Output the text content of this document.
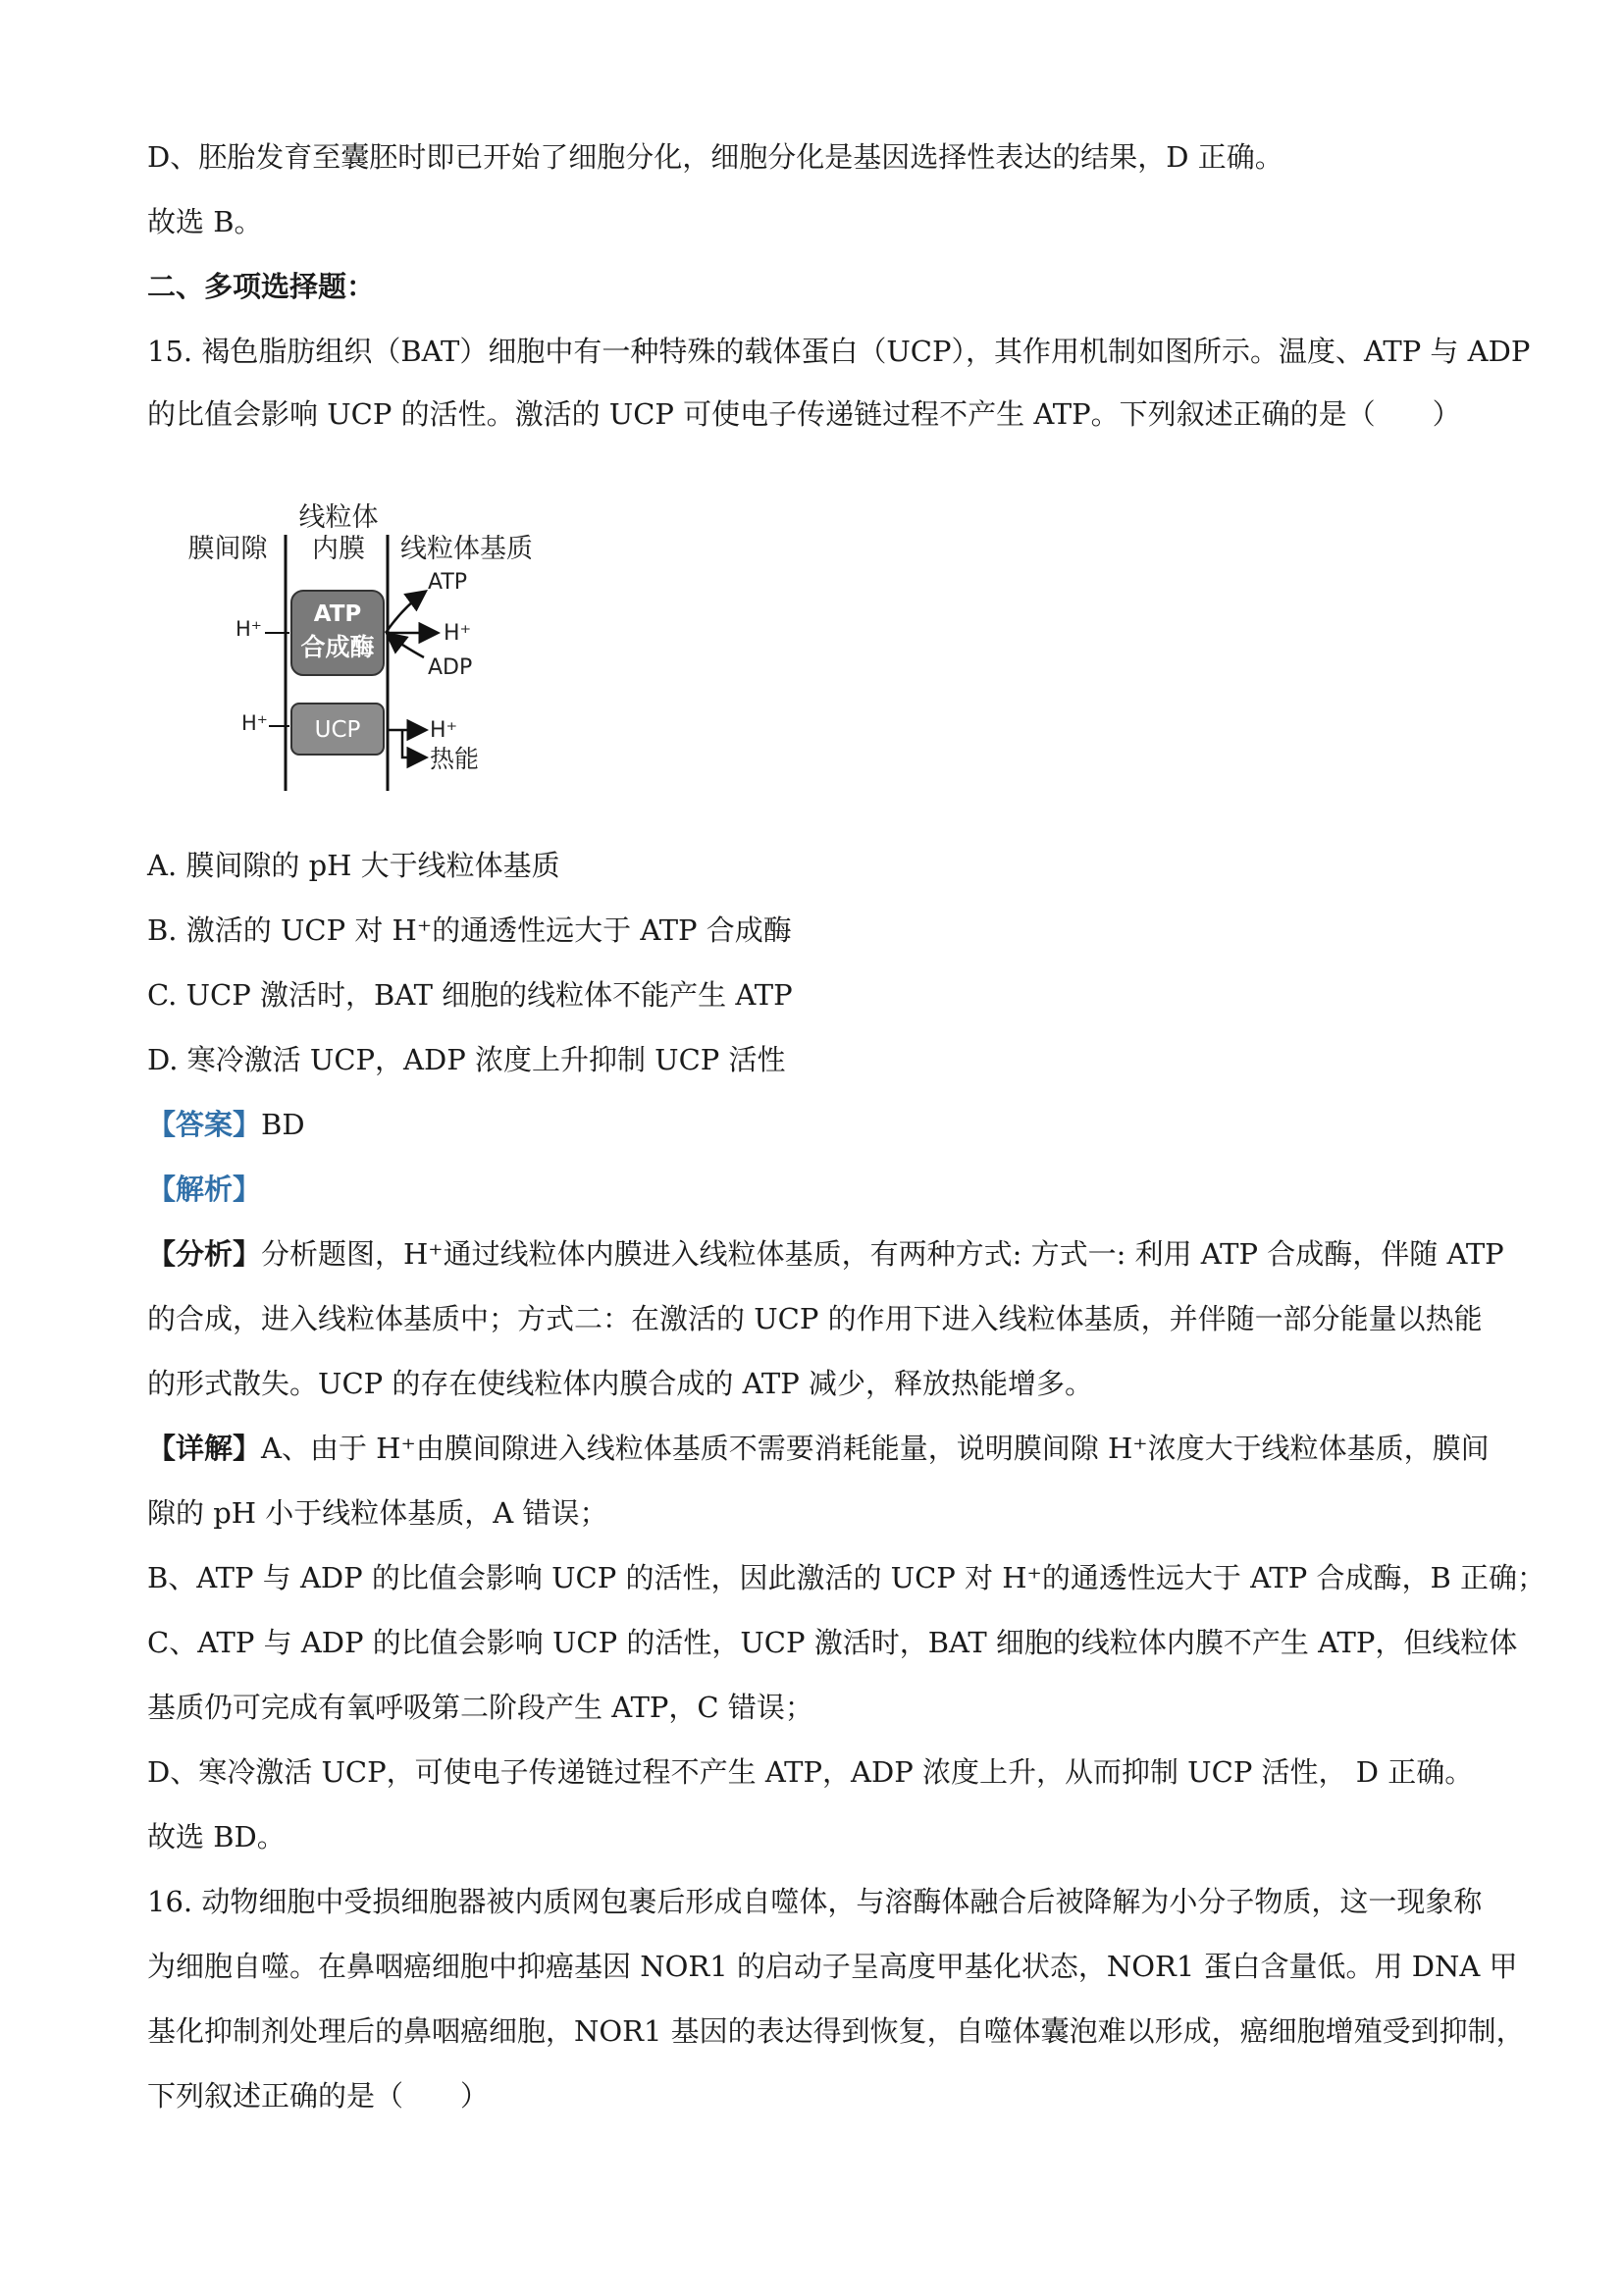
D、胚胎发育至囊胚时即已开始了细胞分化，细胞分化是基因选择性表达的结果，D 正确。
故选 B。
二、多项选择题：
15. 褐色脂肪组织（BAT）细胞中有一种特殊的载体蛋白（UCP），其作用机制如图所示。温度、ATP 与 ADP
的比值会影响 UCP 的活性。激活的 UCP 可使电子传递链过程不产生 ATP。下列叙述正确的是（　　）
线粒体
内膜
膜间隙	线粒体基质
ATP
合成酶
H⁺
ATP
H⁺
ADP
UCP
H⁺	H⁺
热能
A. 膜间隙的 pH 大于线粒体基质
B. 激活的 UCP 对 H⁺的通透性远大于 ATP 合成酶
C. UCP 激活时，BAT 细胞的线粒体不能产生 ATP
D. 寒冷激活 UCP，ADP 浓度上升抑制 UCP 活性
【答案】BD
【解析】
【分析】分析题图，H⁺通过线粒体内膜进入线粒体基质，有两种方式: 方式一: 利用 ATP 合成酶，伴随 ATP
的合成，进入线粒体基质中；方式二：在激活的 UCP 的作用下进入线粒体基质，并伴随一部分能量以热能
的形式散失。UCP 的存在使线粒体内膜合成的 ATP 减少，释放热能增多。
【详解】A、由于 H⁺由膜间隙进入线粒体基质不需要消耗能量，说明膜间隙 H⁺浓度大于线粒体基质，膜间
隙的 pH 小于线粒体基质，A 错误；
B、ATP 与 ADP 的比值会影响 UCP 的活性，因此激活的 UCP 对 H⁺的通透性远大于 ATP 合成酶，B 正确；
C、ATP 与 ADP 的比值会影响 UCP 的活性，UCP 激活时，BAT 细胞的线粒体内膜不产生 ATP，但线粒体
基质仍可完成有氧呼吸第二阶段产生 ATP，C 错误；
D、寒冷激活 UCP，可使电子传递链过程不产生 ATP，ADP 浓度上升，从而抑制 UCP 活性， D 正确。
故选 BD。
16. 动物细胞中受损细胞器被内质网包裹后形成自噬体，与溶酶体融合后被降解为小分子物质，这一现象称
为细胞自噬。在鼻咽癌细胞中抑癌基因 NOR1 的启动子呈高度甲基化状态，NOR1 蛋白含量低。用 DNA 甲
基化抑制剂处理后的鼻咽癌细胞，NOR1 基因的表达得到恢复，自噬体囊泡难以形成，癌细胞增殖受到抑制，
下列叙述正确的是（　　）
